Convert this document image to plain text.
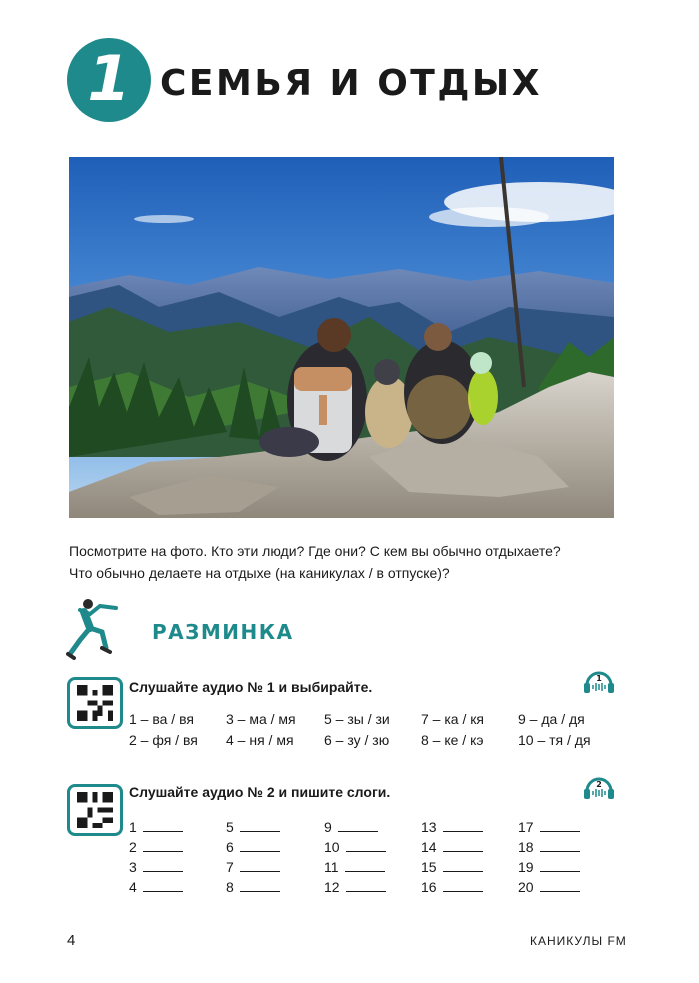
1 СЕМЬЯ И ОТДЫХ
Посмотрите на фото. Кто эти люди? Где они? С кем вы обычно отдыхаете?
Что обычно делаете на отдыхе (на каникулах / в отпуске)?
РАЗМИНКА
Слушайте аудио № 1 и выбирайте.
1
1 – ва / вя 3 – ма / мя 5 – зы / зи 7 – ка / кя 9 – да / дя
2 – фя / вя 4 – ня / мя 6 – зу / зю 8 – ке / кэ 10 – тя / дя
Слушайте аудио № 2 и пишите слоги.	2
1
2
3
4
5
6
7
8
9
10
11
12
13
14
15
16
17
18
19
20
4	КАНИКУЛЫ FM
